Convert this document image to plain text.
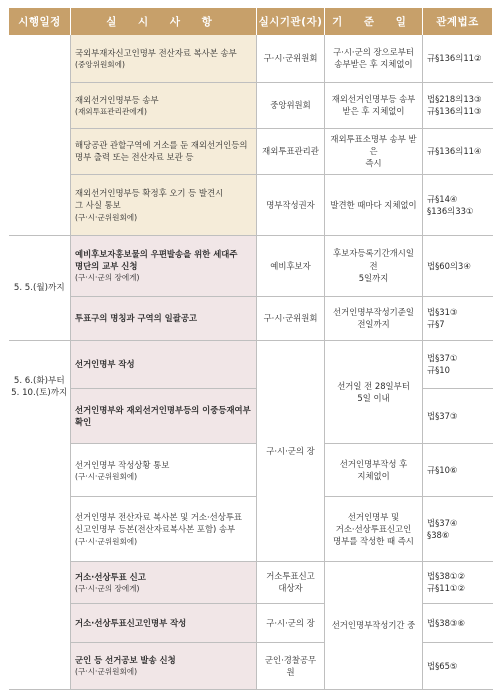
시행일정	실 시 사 항	실시기관(자)	기 준 일	관계법조

	국외부재자신고인명부 전산자료 복사본 송부
(중앙위원회에)	구·시·군위원회	구·시·군의 장으로부터
송부받은 후 지체없이	규§136의11②

	재외선거인명부등 송부
(재외투표관리관에게)	중앙위원회	재외선거인명부등 송부
받은 후 지체없이	법§218의13③
규§136의11③

	해당공관 관할구역에 거소를 둔 재외선거인등의
명부 출력 또는 전산자료 보관 등	재외투표관리관	재외투표소명부 송부 받은
즉시	규§136의11④

	재외선거인명부등 확정후 오기 등 발견시
그 사실 통보
(구·시·군위원회에)	명부작성권자	발견한 때마다 지체없이	규§14④
§136의33①

5. 5.(월)까지	예비후보자홍보물의 우편발송을 위한 세대주
명단의 교부 신청
(구·시·군의 장에게)	예비후보자	후보자등록기간개시일 전
5일까지	법§60의3④

	투표구의 명칭과 구역의 일괄공고	구·시·군위원회	선거인명부작성기준일
전일까지	법§31③
규§7

5. 6.(화)부터
5. 10.(토)까지	선거인명부 작성	구·시·군의 장	선거일 전 28일부터
5일 이내	법§37①
규§10

	선거인명부와 재외선거인명부등의 이중등재여부
확인			법§37③

	선거인명부 작성상황 통보
(구·시·군위원회에)		선거인명부작성 후
지체없이	규§10⑥

	선거인명부 전산자료 복사본 및 거소·선상투표
신고인명부 등본(전산자료복사본 포함) 송부
(구·시·군위원회에)		선거인명부 및
거소·선상투표신고인
명부를 작성한 때 즉시	법§37④
§38⑥

	거소·선상투표 신고
(구·시·군의 장에게)	거소투표신고
대상자	선거인명부작성기간 중	법§38①②
규§11①②

	거소·선상투표신고인명부 작성	구·시·군의 장		법§38③⑥

	군인 등 선거공보 발송 신청
(구·시·군위원회에)	군인·경찰공무원		법§65⑤
